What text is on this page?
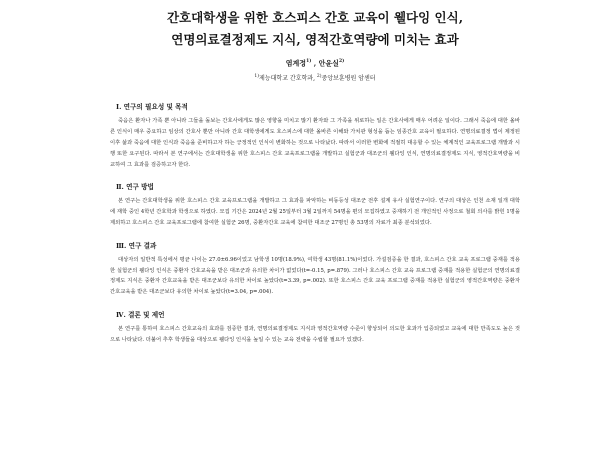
간호대학생을 위한 호스피스 간호 교육이 웰다잉 인식,
연명의료결정제도 지식, 영적간호역량에 미치는 효과
염계정$^{1)}$ , 안윤실$^{2)}$
$^{1)}$제능대학교 간호학과, $^{2)}$중앙보훈병원 암센터
Ⅰ. 연구의 필요성 및 목적

죽음은 환자나 가족 뿐 아니라 그들을 돌보는 간호사에게도 많은 영향을 미치고 많기 환자와 그 가족을 위로하는 일은 간호사에게 매우 어려운 일이다. 그래서 죽음에 대한 올바른 인식이 매우 중요하고 임상의 간호사 뿐만 아니라 간호 대학생에게도 호스피스에 대한 올바른 이해와 가치관 형성을 돕는 임종간호 교육이 필요하다. 연명의료결정 법이 제정된 이후 삶과 죽음에 대한 인식과 죽음을 준비하고자 하는 긍정적인 인식이 변화하는 것으로 나타났다. 따라서 이러한 변화에 적절히 대응할 수 있는 체계적인 교육프로그램 개발과 시행 또한 요구된다. 따라서 본 연구에서는 간호대학생을 위한 호스피스 간호 교육프로그램을 개발하고 실험군과 대조군의 웰다잉 인식, 연명의료결정제도 지식, 영적간호역량을 비교하여 그 효과를 검증하고자 한다.

Ⅱ. 연구 방법

본 연구는 간호대학생을 위한 호스피스 간호 교육프로그램을 개발하고 그 효과를 파악하는 비동등성 대조군 전후 설계 유사 실험연구이다. 연구의 대상은 인천 소재 일개 대학에 재학 중인 4학년 간호학과 학생으로 하였다. 모집 기간은 2024년 2월 25일부터 3월 2일까지 54명을 편의 모집하였고 중재하기 전 개인적인 사정으로 철회 의사를 밝힌 1명을 제외하고 호스피스 간호 교육프로그램에 참여한 실험군 26명, 중환자간호 교육에 참여한 대조군 27명인 총 53명의 자료가 최종 분석되었다.

Ⅲ. 연구 결과

대상자의 일반적 특성에서 평균 나이는 27.0±6.96이었고 남학생 10명(18.9%), 여학생 43명(81.1%)이었다. 가설검증을 한 결과, 호스피스 간호 교육 프로그램 중재를 적용한 실험군의 웰다잉 인식은 중환자 간호교육을 받은 대조군과 유의한 차이가 없었다(t=-0.15, p=.879). 그러나 호스피스 간호 교육 프로그램 중재를 적용한 실험군의 연명의료결정제도 지식은 중환자 간호교육을 받은 대조군보다 유의한 차이로 높았다(t=3.39, p=.002). 또한 호스피스 간호 교육 프로그램 중재를 적용한 실험군의 영적간호역량은 중환자 간호교육을 받은 대조군보다 유의한 차이로 높았다(t=3.04, p=.004).

Ⅳ. 결론 및 제언

본 연구를 통하여 호스피스 간호교육의 효과를 검증한 결과, 연명의료결정제도 지식과 영적간호역량 수준이 향상되어 의도한 효과가 입증되었고 교육에 대한 만족도도 높은 것으로 나타났다. 더불어 추후 학생들을 대상으로 웰다잉 인식을 높일 수 있는 교육 전략을 수립할 필요가 있겠다.
